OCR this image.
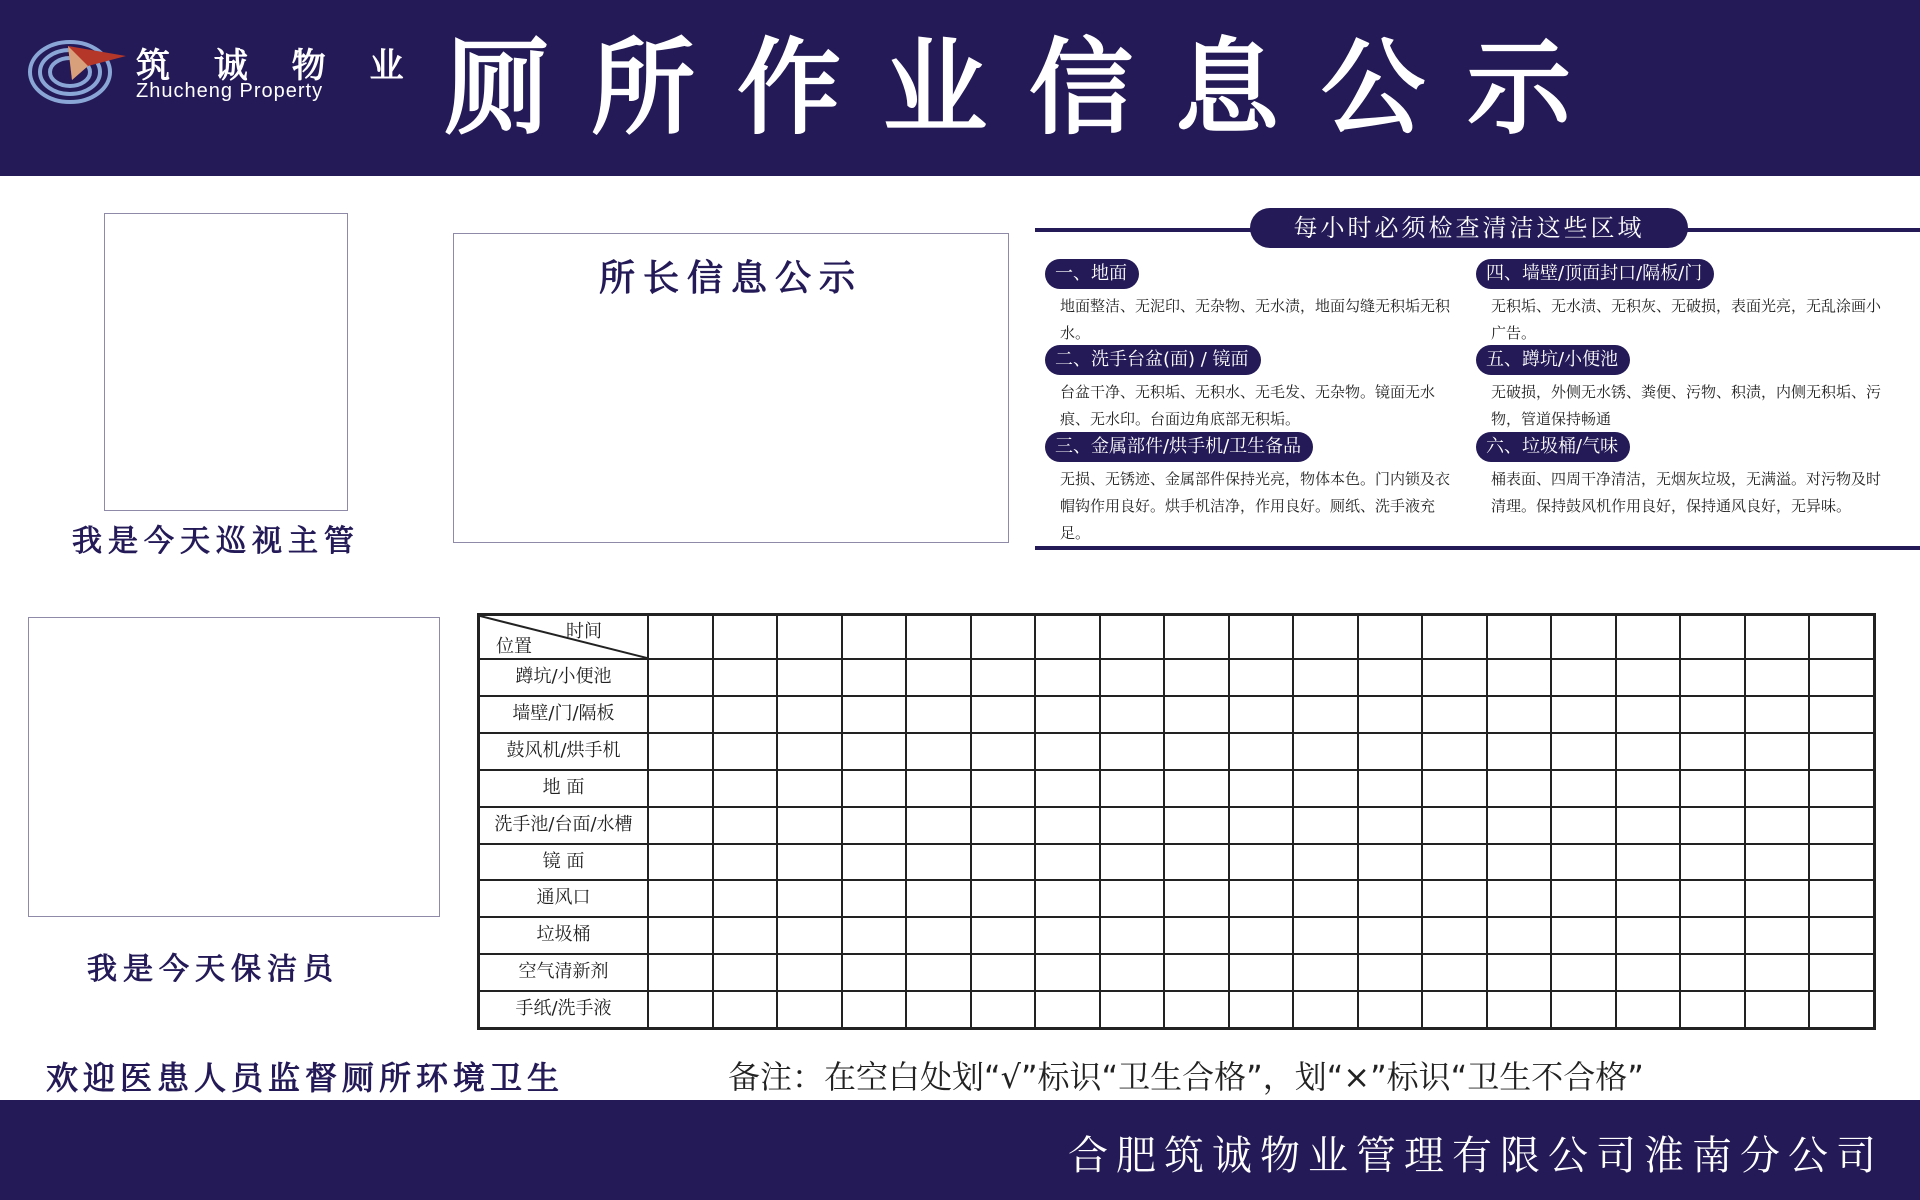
筑 诚 物 业
Zhucheng Property 厕所作业信息公示
我是今天巡视主管
所长信息公示
每小时必须检查清洁这些区域
一、地面
地面整洁、无泥印、无杂物、无水渍，地面勾缝无积垢无积水。
二、洗手台盆(面) / 镜面
台盆干净、无积垢、无积水、无毛发、无杂物。镜面无水痕、无水印。台面边角底部无积垢。
三、金属部件/烘手机/卫生备品
无损、无锈迹、金属部件保持光亮，物体本色。门内锁及衣帽钩作用良好。烘手机洁净，作用良好。厕纸、洗手液充足。
四、墙壁/顶面封口/隔板/门
无积垢、无水渍、无积灰、无破损，表面光亮，无乱涂画小广告。
五、蹲坑/小便池
无破损，外侧无水锈、粪便、污物、积渍，内侧无积垢、污物，管道保持畅通
六、垃圾桶/气味
桶表面、四周干净清洁，无烟灰垃圾，无满溢。对污物及时清理。保持鼓风机作用良好，保持通风良好，无异味。
我是今天保洁员
时间
位置
蹲坑/小便池
墙壁/门/隔板
鼓风机/烘手机
地 面
洗手池/台面/水槽
镜 面
通风口
垃圾桶
空气清新剂
手纸/洗手液
欢迎医患人员监督厕所环境卫生	备注：在空白处划“√”标识“卫生合格”，划“×”标识“卫生不合格”
合肥筑诚物业管理有限公司淮南分公司
